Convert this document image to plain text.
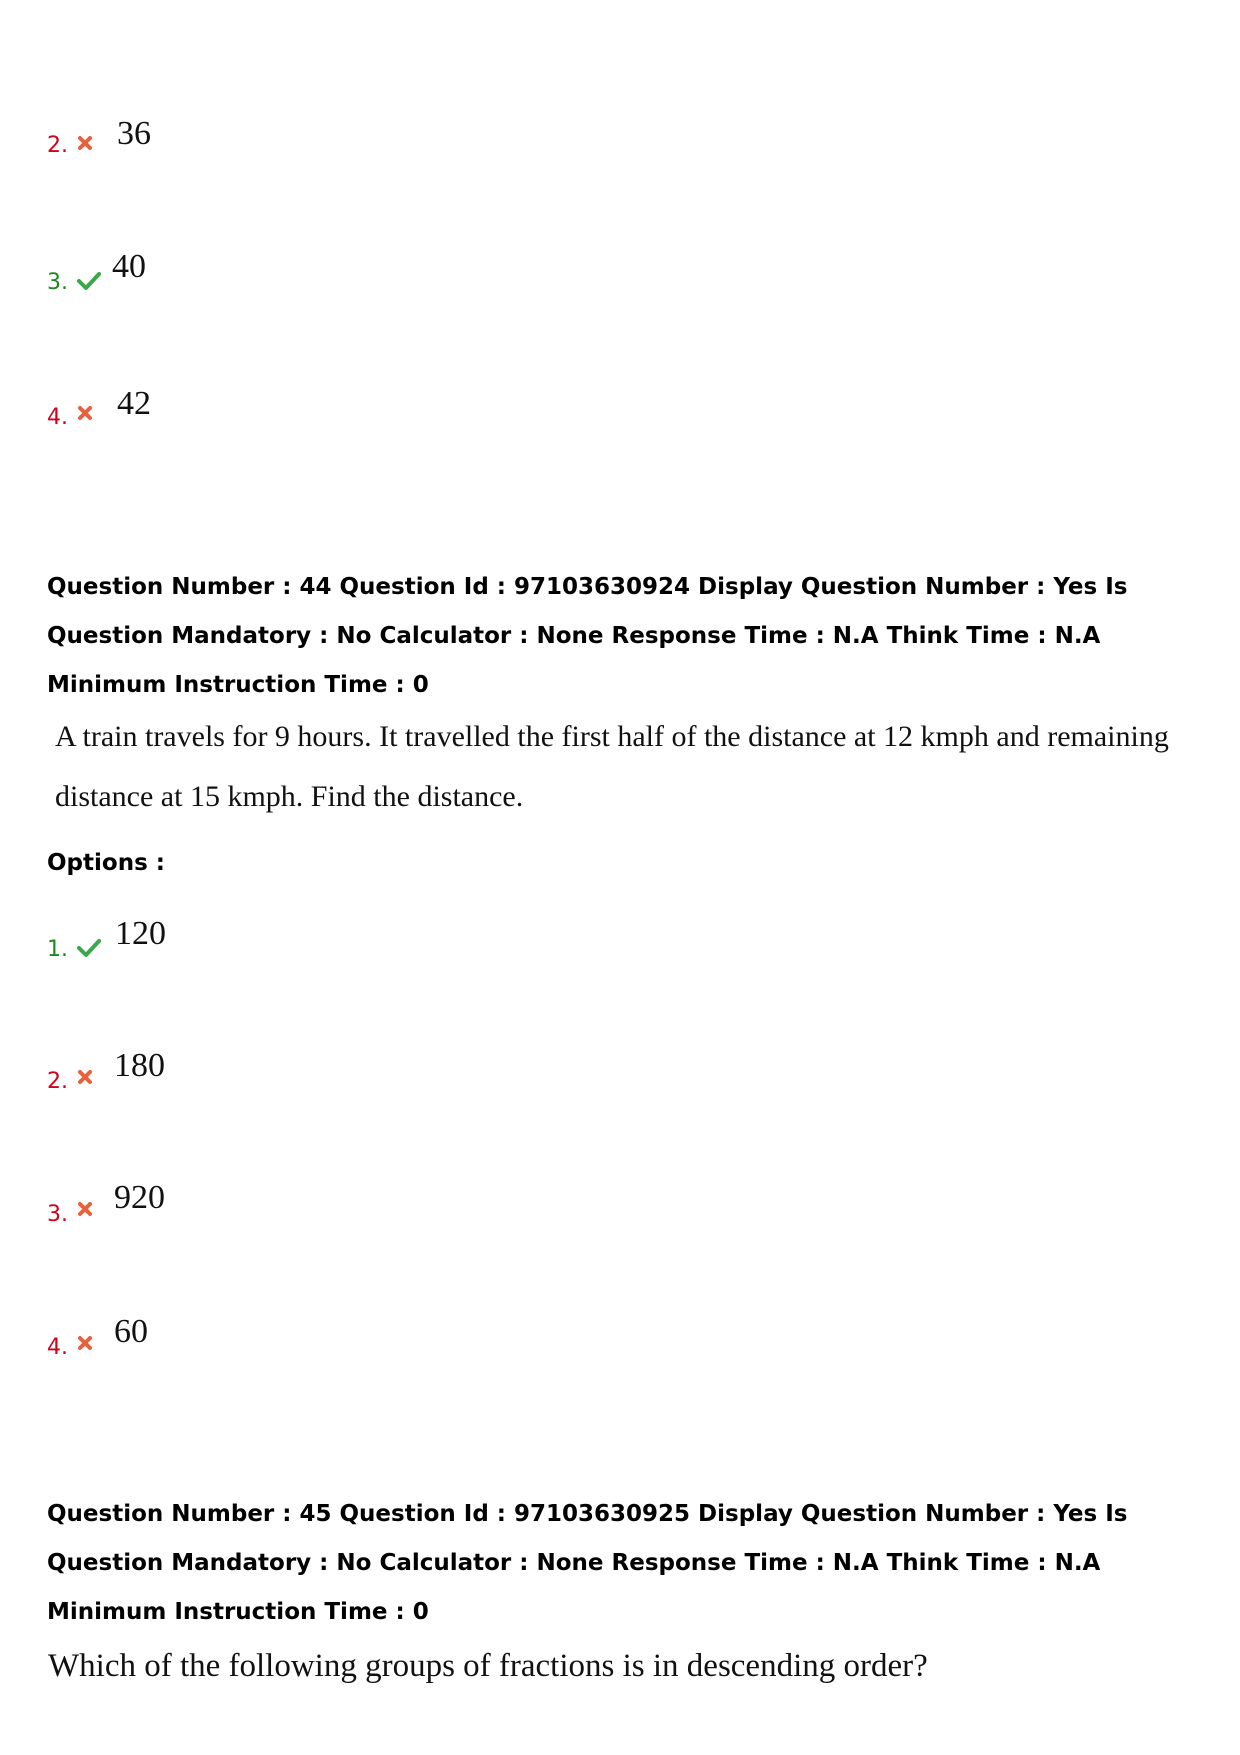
2. 36
3. 40
4. 42

Question Number : 44 Question Id : 97103630924 Display Question Number : Yes Is Question Mandatory : No Calculator : None Response Time : N.A Think Time : N.A Minimum Instruction Time : 0

A train travels for 9 hours. It travelled the first half of the distance at 12 kmph and remaining

distance at 15 kmph. Find the distance.

Options :

1. 120
2. 180
3. 920
4. 60

Question Number : 45 Question Id : 97103630925 Display Question Number : Yes Is Question Mandatory : No Calculator : None Response Time : N.A Think Time : N.A Minimum Instruction Time : 0

Which of the following groups of fractions is in descending order?
